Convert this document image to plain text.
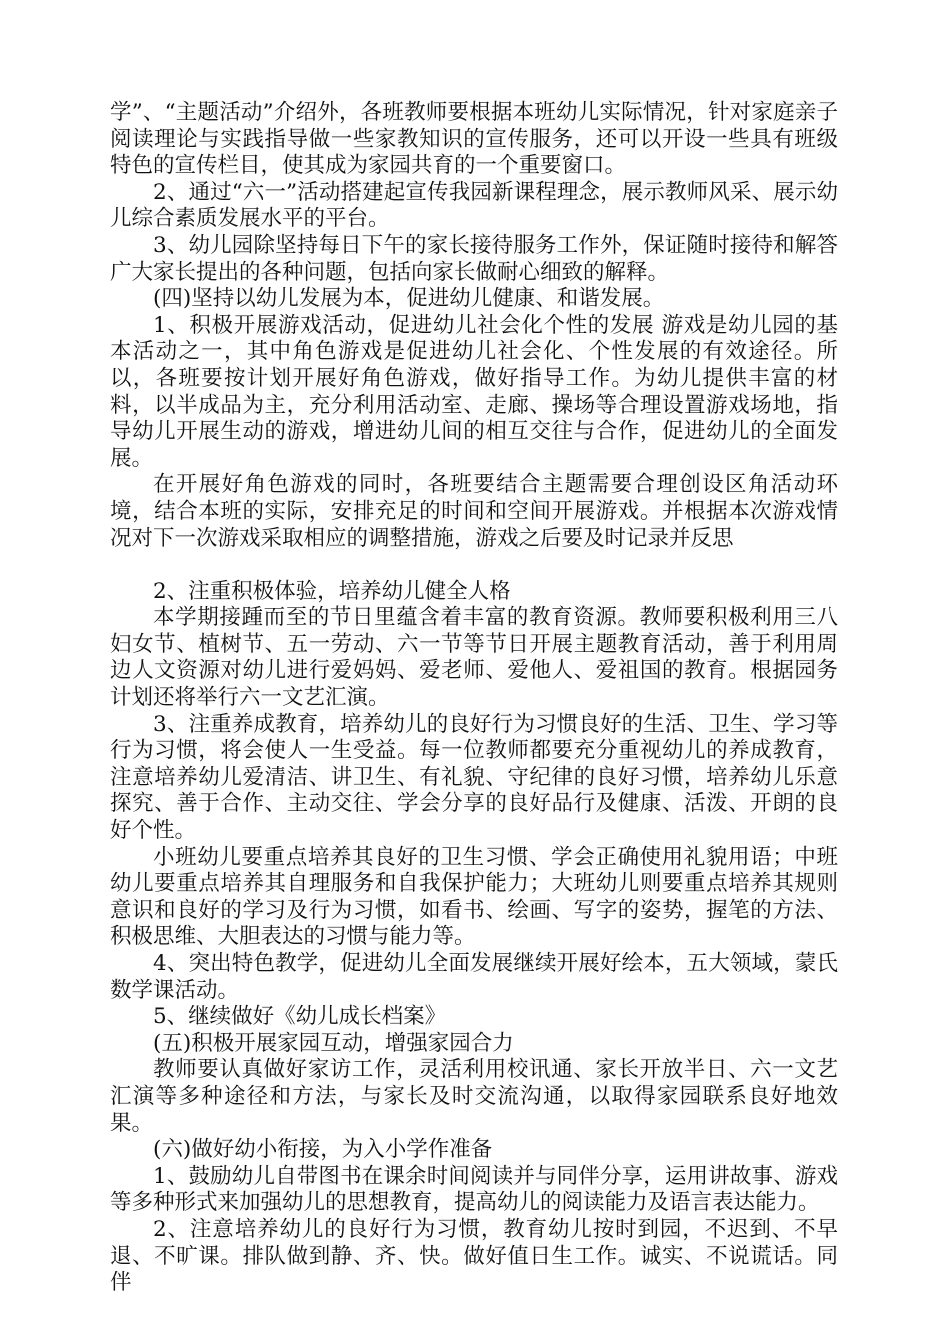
学”、“主题活动”介绍外，各班教师要根据本班幼儿实际情况，针对家庭亲子阅读理论与实践指导做一些家教知识的宣传服务，还可以开设一些具有班级特色的宣传栏目，使其成为家园共育的一个重要窗口。

2、通过“六一”活动搭建起宣传我园新课程理念，展示教师风采、展示幼儿综合素质发展水平的平台。

3、幼儿园除坚持每日下午的家长接待服务工作外，保证随时接待和解答广大家长提出的各种问题，包括向家长做耐心细致的解释。

(四)坚持以幼儿发展为本，促进幼儿健康、和谐发展。

1、积极开展游戏活动，促进幼儿社会化个性的发展 游戏是幼儿园的基本活动之一，其中角色游戏是促进幼儿社会化、个性发展的有效途径。所以，各班要按计划开展好角色游戏，做好指导工作。为幼儿提供丰富的材料，以半成品为主，充分利用活动室、走廊、操场等合理设置游戏场地，指导幼儿开展生动的游戏，增进幼儿间的相互交往与合作，促进幼儿的全面发展。

在开展好角色游戏的同时，各班要结合主题需要合理创设区角活动环境，结合本班的实际，安排充足的时间和空间开展游戏。并根据本次游戏情况对下一次游戏采取相应的调整措施，游戏之后要及时记录并反思

2、注重积极体验，培养幼儿健全人格

本学期接踵而至的节日里蕴含着丰富的教育资源。教师要积极利用三八妇女节、植树节、五一劳动、六一节等节日开展主题教育活动，善于利用周边人文资源对幼儿进行爱妈妈、爱老师、爱他人、爱祖国的教育。根据园务计划还将举行六一文艺汇演。

3、注重养成教育，培养幼儿的良好行为习惯良好的生活、卫生、学习等行为习惯，将会使人一生受益。每一位教师都要充分重视幼儿的养成教育，注意培养幼儿爱清洁、讲卫生、有礼貌、守纪律的良好习惯，培养幼儿乐意探究、善于合作、主动交往、学会分享的良好品行及健康、活泼、开朗的良好个性。

小班幼儿要重点培养其良好的卫生习惯、学会正确使用礼貌用语；中班幼儿要重点培养其自理服务和自我保护能力；大班幼儿则要重点培养其规则意识和良好的学习及行为习惯，如看书、绘画、写字的姿势，握笔的方法、积极思维、大胆表达的习惯与能力等。

4、突出特色教学，促进幼儿全面发展继续开展好绘本，五大领域，蒙氏数学课活动。

5、继续做好《幼儿成长档案》

(五)积极开展家园互动，增强家园合力

教师要认真做好家访工作，灵活利用校讯通、家长开放半日、六一文艺汇演等多种途径和方法，与家长及时交流沟通，以取得家园联系良好地效果。

(六)做好幼小衔接，为入小学作准备

1、鼓励幼儿自带图书在课余时间阅读并与同伴分享，运用讲故事、游戏等多种形式来加强幼儿的思想教育，提高幼儿的阅读能力及语言表达能力。

2、注意培养幼儿的良好行为习惯，教育幼儿按时到园，不迟到、不早退、不旷课。排队做到静、齐、快。做好值日生工作。诚实、不说谎话。同伴
